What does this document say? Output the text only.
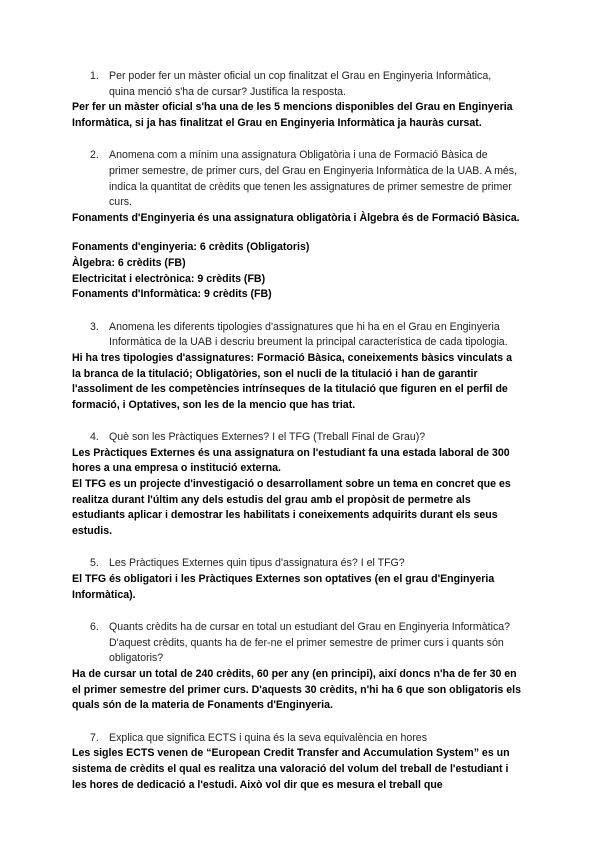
1. Per poder fer un màster oficial un cop finalitzat el Grau en Enginyeria Informàtica, quina menció s'ha de cursar? Justifica la resposta.

Per fer un màster oficial s'ha una de les 5 mencions disponibles del Grau en Enginyeria Informàtica, si ja has finalitzat el Grau en Enginyeria Informàtica ja hauràs cursat.

2. Anomena com a mínim una assignatura Obligatòria i una de Formació Bàsica de primer semestre, de primer curs, del Grau en Enginyeria Informàtica de la UAB. A més, indica la quantitat de crèdits que tenen les assignatures de primer semestre de primer curs.

Fonaments d'Enginyeria és una assignatura obligatòria i Àlgebra és de Formació Bàsica.

Fonaments d'enginyeria: 6 crèdits (Obligatoris)

Àlgebra: 6 crèdits (FB)

Electricitat i electrònica: 9 crèdits (FB)

Fonaments d'Informàtica: 9 crèdits (FB)

3. Anomena les diferents tipologies d'assignatures que hi ha en el Grau en Enginyeria Informàtica de la UAB i descriu breument la principal característica de cada tipologia.

Hi ha tres tipologies d'assignatures: Formació Bàsica, coneixements bàsics vinculats a la branca de la titulació; Obligatòries, son el nucli de la titulació i han de garantir l'assoliment de les competències intrínseques de la titulació que figuren en el perfil de formació, i Optatives, son les de la mencio que has triat.

4. Què son les Pràctiques Externes? I el TFG (Treball Final de Grau)?

Les Pràctiques Externes és una assignatura on l'estudiant fa una estada laboral de 300 hores a una empresa o institució externa.

El TFG es un projecte d'investigació o desarrollament sobre un tema en concret que es realitza durant l'últim any dels estudis del grau amb el propòsit de permetre als estudiants aplicar i demostrar les habilitats i coneixements adquirits durant els seus estudis.

5. Les Pràctiques Externes quin tipus d'assignatura és? I el TFG?

El TFG és obligatori i les Pràctiques Externes son optatives (en el grau d'Enginyeria Informàtica).

6. Quants crèdits ha de cursar en total un estudiant del Grau en Enginyeria Informàtica? D'aquest crèdits, quants ha de fer-ne el primer semestre de primer curs i quants són obligatoris?

Ha de cursar un total de 240 crèdits, 60 per any (en principi), així doncs n'ha de fer 30 en el primer semestre del primer curs. D'aquests 30 crèdits, n'hi ha 6 que son obligatoris els quals són de la materia de Fonaments d'Enginyeria.

7. Explica que significa ECTS i quina és la seva equivalència en hores

Les sigles ECTS venen de “European Credit Transfer and Accumulation System” es un sistema de crèdits el qual es realitza una valoració del volum del treball de l'estudiant i les hores de dedicació a l'estudi. Això vol dir que es mesura el treball que
